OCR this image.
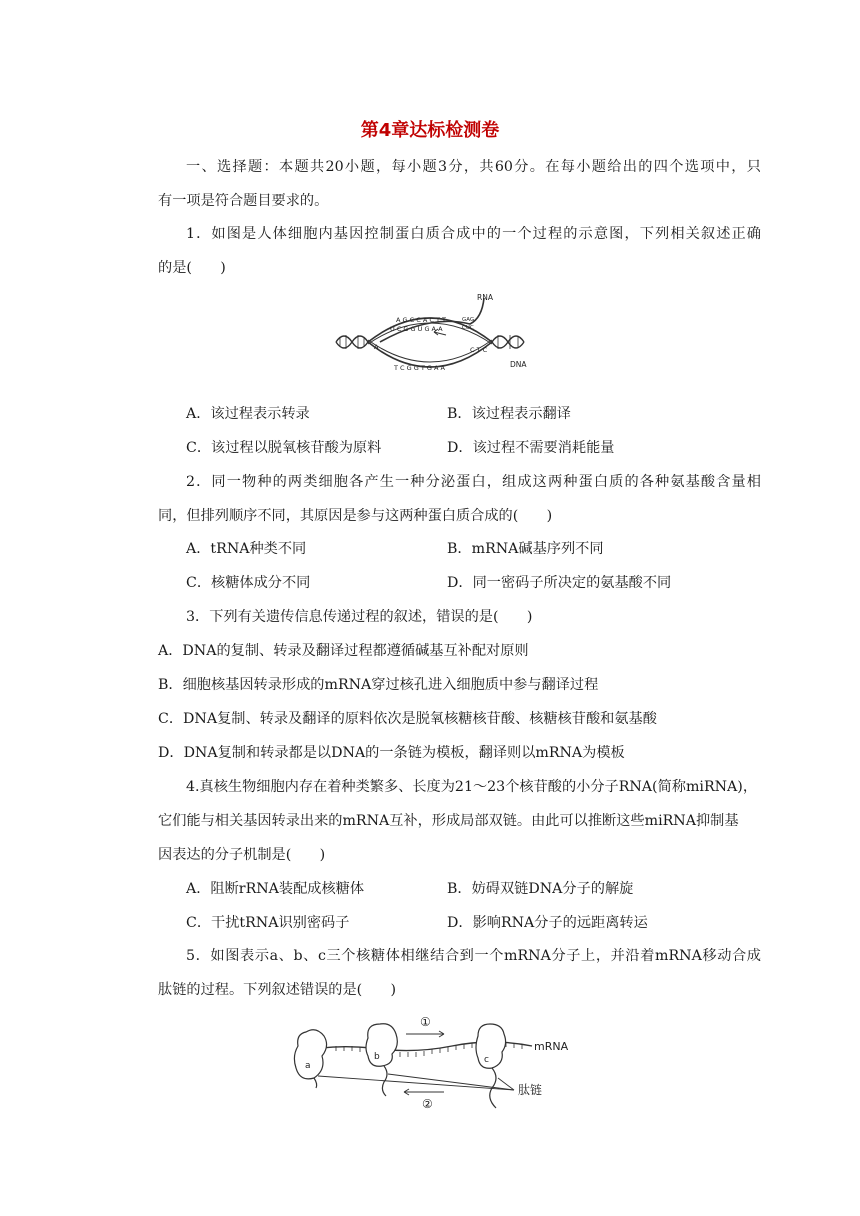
第4章达标检测卷
一、选择题：本题共20小题，每小题3分，共60分。在每小题给出的四个选项中，只
有一项是符合题目要求的。
1．如图是人体细胞内基因控制蛋白质合成中的一个过程的示意图，下列相关叙述正确
的是(　　)
RNA
DNA
A G C C A C T T
U C G G U G A A
T C G G T G A A
GAG
CUC
C T C
A
A．该过程表示转录	B．该过程表示翻译
C．该过程以脱氧核苷酸为原料	D．该过程不需要消耗能量
2．同一物种的两类细胞各产生一种分泌蛋白，组成这两种蛋白质的各种氨基酸含量相
同，但排列顺序不同，其原因是参与这两种蛋白质合成的(　　)
A．tRNA种类不同	B．mRNA碱基序列不同
C．核糖体成分不同	D．同一密码子所决定的氨基酸不同
3．下列有关遗传信息传递过程的叙述，错误的是(　　)
A．DNA的复制、转录及翻译过程都遵循碱基互补配对原则
B．细胞核基因转录形成的mRNA穿过核孔进入细胞质中参与翻译过程
C．DNA复制、转录及翻译的原料依次是脱氧核糖核苷酸、核糖核苷酸和氨基酸
D．DNA复制和转录都是以DNA的一条链为模板，翻译则以mRNA为模板
4.真核生物细胞内存在着种类繁多、长度为21～23个核苷酸的小分子RNA(简称miRNA)，
它们能与相关基因转录出来的mRNA互补，形成局部双链。由此可以推断这些miRNA抑制基
因表达的分子机制是(　　)
A．阻断rRNA装配成核糖体	B．妨碍双链DNA分子的解旋
C．干扰tRNA识别密码子	D．影响RNA分子的远距离转运
5．如图表示a、b、c三个核糖体相继结合到一个mRNA分子上，并沿着mRNA移动合成
肽链的过程。下列叙述错误的是(　　)
a
b	c
①
②
mRNA
肽链
